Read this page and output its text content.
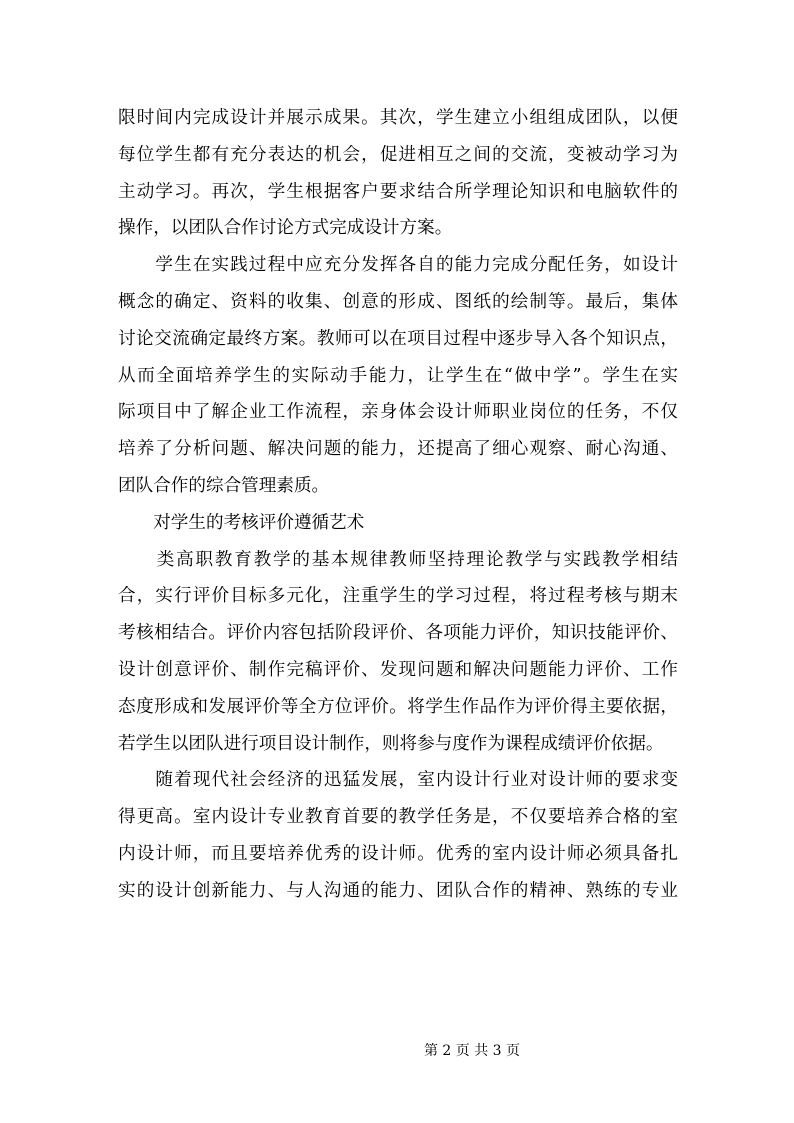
限时间内完成设计并展示成果。其次，学生建立小组组成团队，以便
每位学生都有充分表达的机会，促进相互之间的交流，变被动学习为
主动学习。再次，学生根据客户要求结合所学理论知识和电脑软件的
操作，以团队合作讨论方式完成设计方案。
　　学生在实践过程中应充分发挥各自的能力完成分配任务，如设计
概念的确定、资料的收集、创意的形成、图纸的绘制等。最后，集体
讨论交流确定最终方案。教师可以在项目过程中逐步导入各个知识点，
从而全面培养学生的实际动手能力，让学生在“做中学”。学生在实
际项目中了解企业工作流程，亲身体会设计师职业岗位的任务，不仅
培养了分析问题、解决问题的能力，还提高了细心观察、耐心沟通、
团队合作的综合管理素质。
　　对学生的考核评价遵循艺术
　　类高职教育教学的基本规律教师坚持理论教学与实践教学相结
合，实行评价目标多元化，注重学生的学习过程，将过程考核与期末
考核相结合。评价内容包括阶段评价、各项能力评价，知识技能评价、
设计创意评价、制作完稿评价、发现问题和解决问题能力评价、工作
态度形成和发展评价等全方位评价。将学生作品作为评价得主要依据，
若学生以团队进行项目设计制作，则将参与度作为课程成绩评价依据。
　　随着现代社会经济的迅猛发展，室内设计行业对设计师的要求变
得更高。室内设计专业教育首要的教学任务是，不仅要培养合格的室
内设计师，而且要培养优秀的设计师。优秀的室内设计师必须具备扎
实的设计创新能力、与人沟通的能力、团队合作的精神、熟练的专业
第 2 页 共 3 页
